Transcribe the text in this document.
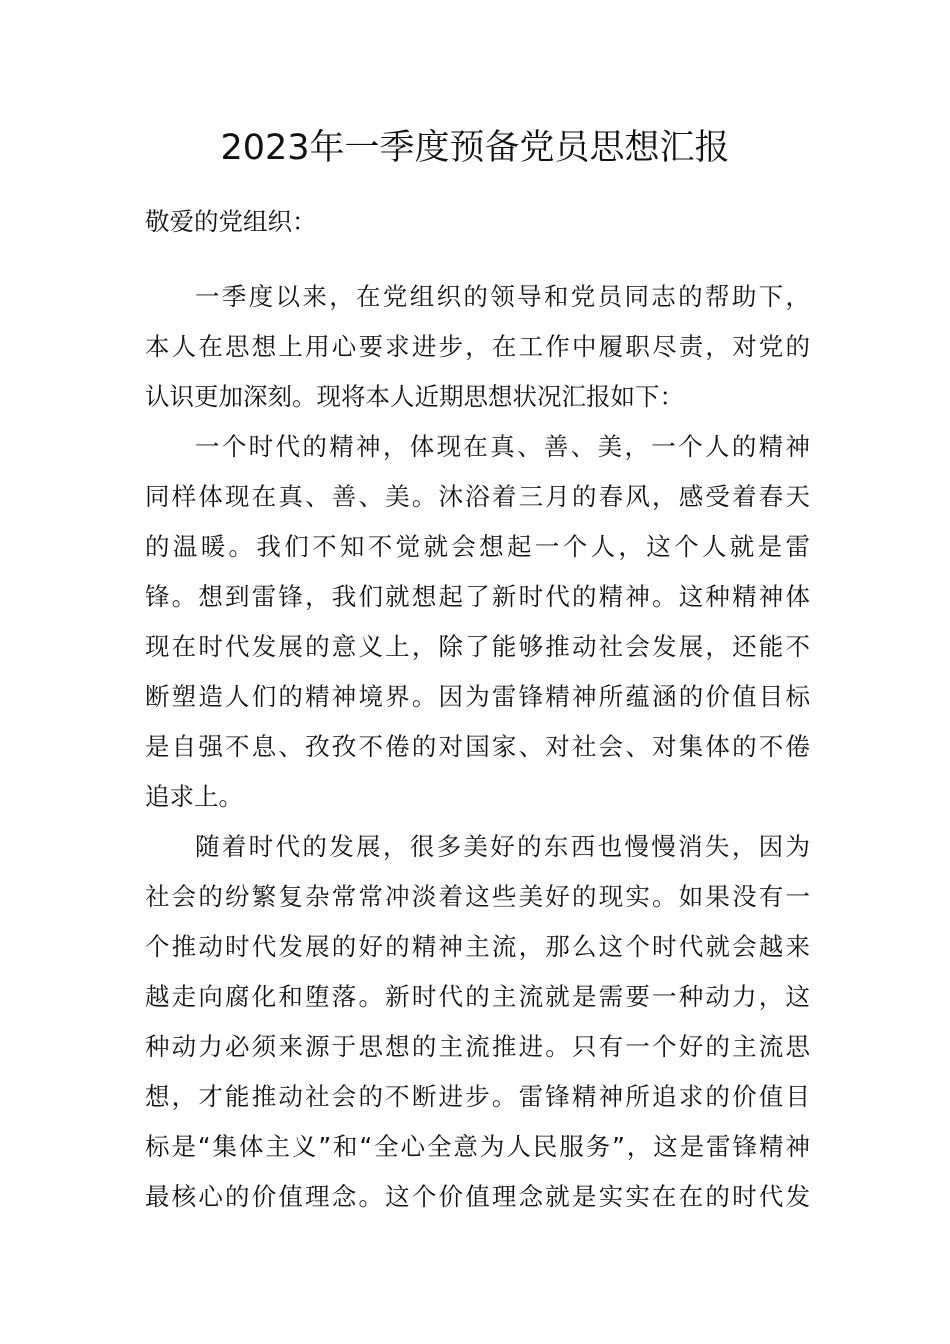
2023年一季度预备党员思想汇报
敬爱的党组织：
一季度以来，在党组织的领导和党员同志的帮助下，
本人在思想上用心要求进步，在工作中履职尽责，对党的
认识更加深刻。现将本人近期思想状况汇报如下：
一个时代的精神，体现在真、善、美，一个人的精神
同样体现在真、善、美。沐浴着三月的春风，感受着春天
的温暖。我们不知不觉就会想起一个人，这个人就是雷
锋。想到雷锋，我们就想起了新时代的精神。这种精神体
现在时代发展的意义上，除了能够推动社会发展，还能不
断塑造人们的精神境界。因为雷锋精神所蕴涵的价值目标
是自强不息、孜孜不倦的对国家、对社会、对集体的不倦
追求上。
随着时代的发展，很多美好的东西也慢慢消失，因为
社会的纷繁复杂常常冲淡着这些美好的现实。如果没有一
个推动时代发展的好的精神主流，那么这个时代就会越来
越走向腐化和堕落。新时代的主流就是需要一种动力，这
种动力必须来源于思想的主流推进。只有一个好的主流思
想，才能推动社会的不断进步。雷锋精神所追求的价值目
标是“集体主义”和“全心全意为人民服务”，这是雷锋精神
最核心的价值理念。这个价值理念就是实实在在的时代发
